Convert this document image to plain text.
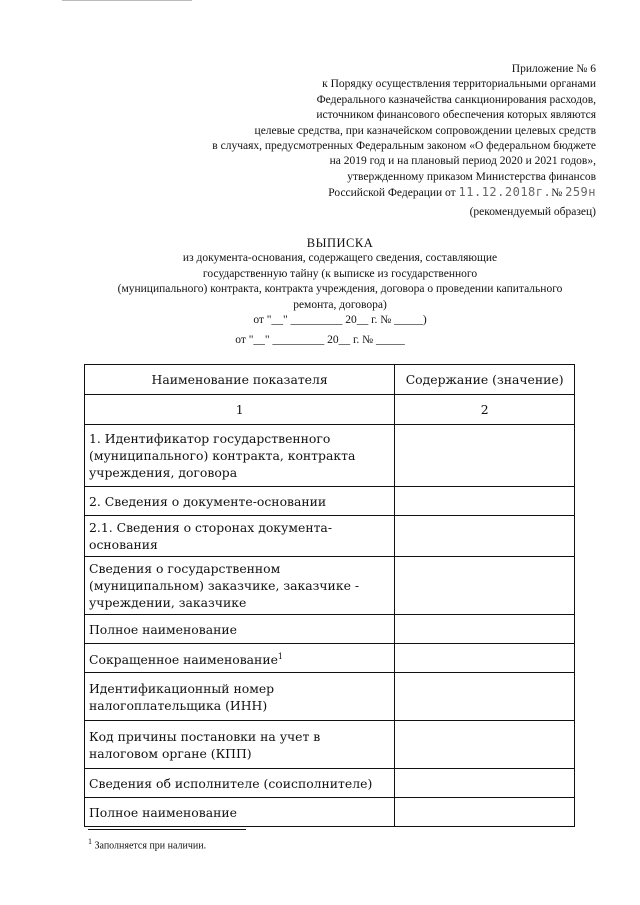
Приложение № 6
к Порядку осуществления территориальными органами
Федерального казначейства санкционирования расходов,
источником финансового обеспечения которых являются
целевые средства, при казначейском сопровождении целевых средств
в случаях, предусмотренных Федеральным законом «О федеральном бюджете
на 2019 год и на плановый период 2020 и 2021 годов»,
утвержденному приказом Министерства финансов
Российской Федерации от 11.12.2018г.№ 259н
(рекомендуемый образец)
ВЫПИСКА
из документа-основания, содержащего сведения, составляющие
государственную тайну (к выписке из государственного
(муниципального) контракта, контракта учреждения, договора о проведении капитального
ремонта, договора)
от "__" _________ 20__ г. № _____)
от "__" _________ 20__ г. № _____
Наименование показателя	Содержание (значение)
1	2
1. Идентификатор государственного (муниципального) контракта, контракта учреждения, договора	
2. Сведения о документе-основании	
2.1. Сведения о сторонах документа-основания	
Сведения о государственном (муниципальном) заказчике, заказчике - учреждении, заказчике	
Полное наименование	
Сокращенное наименование$^1$	
Идентификационный номер налогоплательщика (ИНН)	
Код причины постановки на учет в налоговом органе (КПП)	
Сведения об исполнителе (соисполнителе)	
Полное наименование	
$^1$ Заполняется при наличии.
